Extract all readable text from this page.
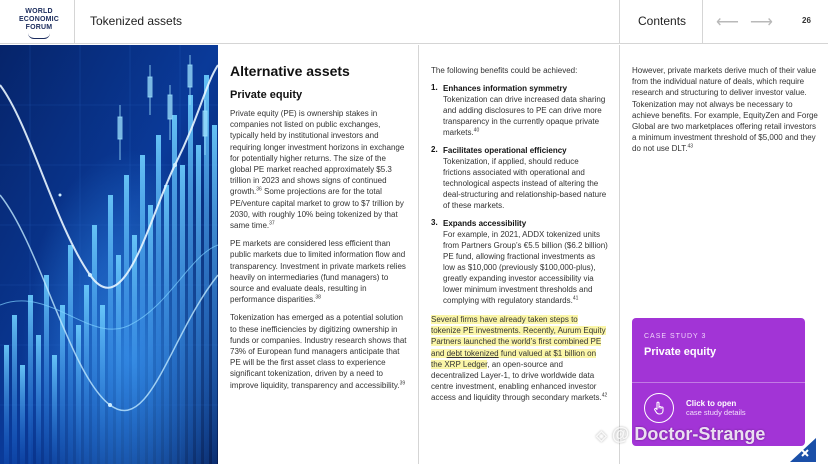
WORLD
ECONOMIC
FORUM	Tokenized assets	Contents ⟵ ⟶	26
Alternative assets
Private equity

Private equity (PE) is ownership stakes in companies not listed on public exchanges, typically held by institutional investors and requiring longer investment horizons in exchange for potentially higher returns. The size of the global PE market reached approximately $5.3 trillion in 2023 and shows signs of continued growth.$^{36}$ Some projections are for the total PE/venture capital market to grow to $7 trillion by 2030, with roughly 10% being tokenized by that same time.$^{37}$

PE markets are considered less efficient than public markets due to limited information flow and transparency. Investment in private markets relies heavily on intermediaries (fund managers) to source and evaluate deals, resulting in performance disparities.$^{38}$

Tokenization has emerged as a potential solution to these inefficiencies by digitizing ownership in funds or companies. Industry research shows that 73% of European fund managers anticipate that PE will be the first asset class to experience significant tokenization, driven by a need to improve liquidity, transparency and accessibility.$^{39}$

The following benefits could be achieved:

1. Enhances information symmetry
Tokenization can drive increased data sharing and adding disclosures to PE can drive more transparency in the currently opaque private markets.$^{40}$
2. Facilitates operational efficiency
Tokenization, if applied, should reduce frictions associated with operational and technological aspects instead of altering the deal-structuring and relationship-based nature of these markets.
3. Expands accessibility
For example, in 2021, ADDX tokenized units from Partners Group’s €5.5 billion ($6.2 billion) PE fund, allowing fractional investments as low as $10,000 (previously $100,000-plus), greatly expanding investor accessibility via lower minimum investment thresholds and complying with regulatory standards.$^{41}$

Several firms have already taken steps to tokenize PE investments. Recently, Aurum Equity Partners launched the world’s first combined PE and debt tokenized fund valued at $1 billion on the XRP Ledger, an open-source and decentralized Layer-1, to drive worldwide data centre investment, enabling enhanced investor access and liquidity through secondary markets.$^{42}$

However, private markets derive much of their value from the individual nature of deals, which require research and structuring to deliver investor value. Tokenization may not always be necessary to achieve benefits. For example, EquityZen and Forge Global are two marketplaces offering retail investors a minimum investment threshold of $5,000 and they do not use DLT.$^{43}$

CASE STUDY 3
Private equity
Click to open
case study details
◇ @ Doctor-Strange
